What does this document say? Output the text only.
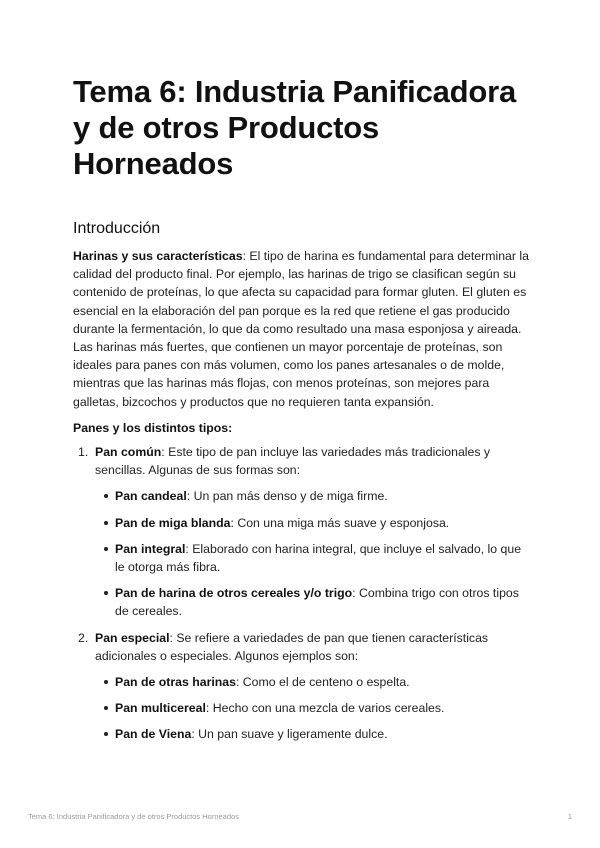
Tema 6: Industria Panificadora y de otros Productos Horneados
Introducción

Harinas y sus características: El tipo de harina es fundamental para determinar la calidad del producto final. Por ejemplo, las harinas de trigo se clasifican según su contenido de proteínas, lo que afecta su capacidad para formar gluten. El gluten es esencial en la elaboración del pan porque es la red que retiene el gas producido durante la fermentación, lo que da como resultado una masa esponjosa y aireada. Las harinas más fuertes, que contienen un mayor porcentaje de proteínas, son ideales para panes con más volumen, como los panes artesanales o de molde, mientras que las harinas más flojas, con menos proteínas, son mejores para galletas, bizcochos y productos que no requieren tanta expansión.

Panes y los distintos tipos:

1. Pan común: Este tipo de pan incluye las variedades más tradicionales y sencillas. Algunas de sus formas son:
Pan candeal: Un pan más denso y de miga firme.
Pan de miga blanda: Con una miga más suave y esponjosa.
Pan integral: Elaborado con harina integral, que incluye el salvado, lo que le otorga más fibra.
Pan de harina de otros cereales y/o trigo: Combina trigo con otros tipos de cereales.
2. Pan especial: Se refiere a variedades de pan que tienen características adicionales o especiales. Algunos ejemplos son:
Pan de otras harinas: Como el de centeno o espelta.
Pan multicereal: Hecho con una mezcla de varios cereales.
Pan de Viena: Un pan suave y ligeramente dulce.
Tema 6: Industria Panificadora y de otros Productos Horneados	1
